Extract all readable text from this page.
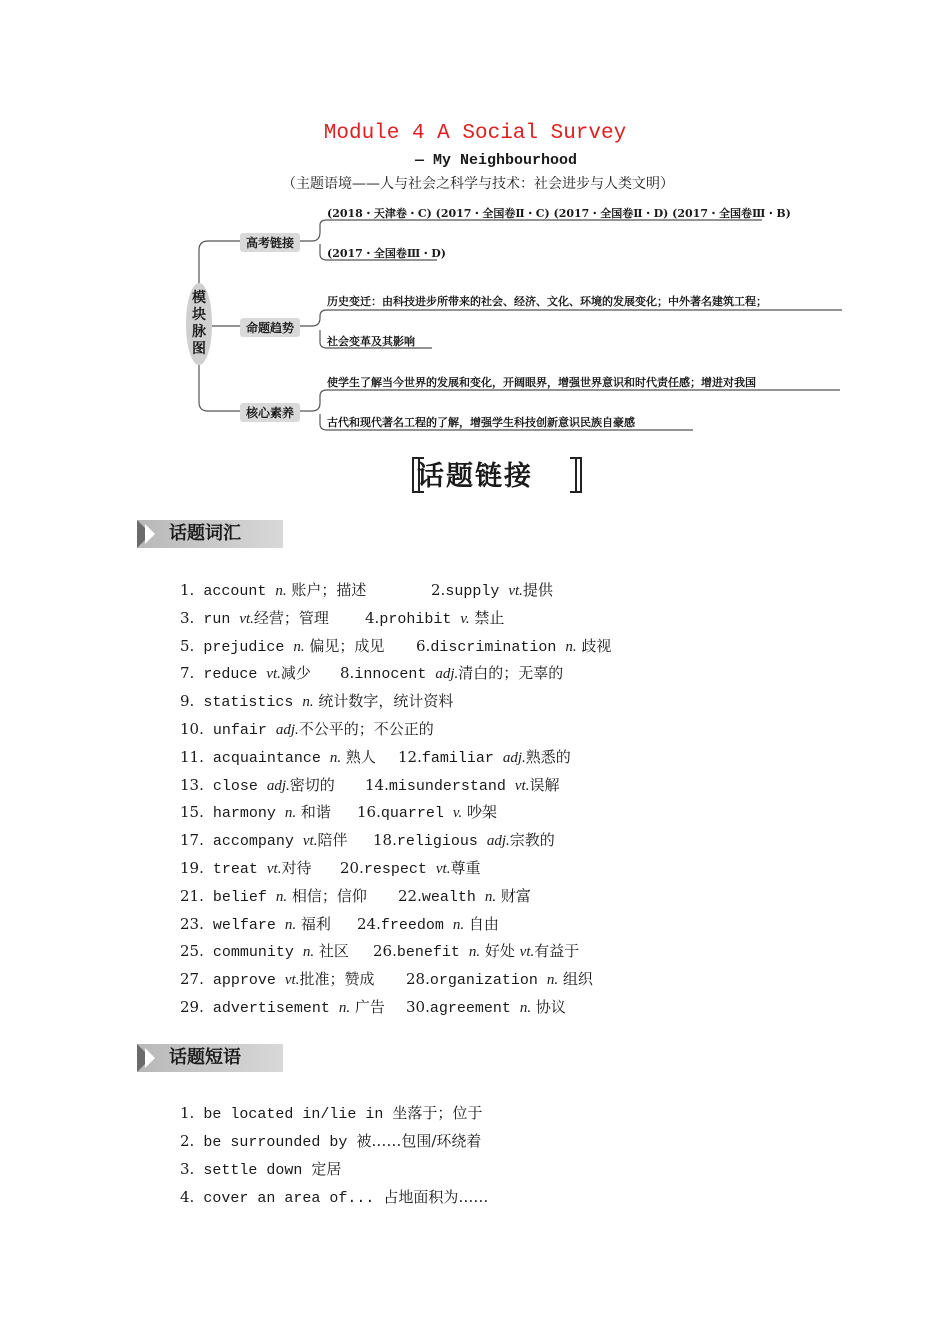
Module 4 A Social Survey
— My Neighbourhood
（主题语境——人与社会之科学与技术：社会进步与人类文明）
模块脉图
高考链接
(2018・天津卷・C) (2017・全国卷Ⅱ・C) (2017・全国卷Ⅱ・D) (2017・全国卷Ⅲ・B)
(2017・全国卷Ⅲ・D)
命题趋势
历史变迁：由科技进步所带来的社会、经济、文化、环境的发展变化；中外著名建筑工程；
社会变革及其影响
核心素养
使学生了解当今世界的发展和变化，开阔眼界，增强世界意识和时代责任感；增进对我国
古代和现代著名工程的了解，增强学生科技创新意识民族自豪感
话题链接
话题词汇
1. account n. 账户；描述	2.supply vt.提供
3. run vt.经营；管理 4.prohibit v. 禁止
5. prejudice n. 偏见；成见 6.discrimination n. 歧视
7. reduce vt.减少 8.innocent adj.清白的；无辜的
9. statistics n. 统计数字，统计资料
10. unfair adj.不公平的；不公正的
11. acquaintance n. 熟人 12.familiar adj.熟悉的
13. close adj.密切的 14.misunderstand vt.误解
15. harmony n. 和谐 16.quarrel v. 吵架
17. accompany vt.陪伴 18.religious adj.宗教的
19. treat vt.对待 20.respect vt.尊重
21. belief n. 相信；信仰 22.wealth n. 财富
23. welfare n. 福利 24.freedom n. 自由
25. community n. 社区 26.benefit n. 好处 vt.有益于
27. approve vt.批准；赞成 28.organization n. 组织
29. advertisement n. 广告 30.agreement n. 协议
话题短语
1. be located in/lie in 坐落于；位于
2. be surrounded by 被……包围/环绕着
3. settle down 定居
4. cover an area of... 占地面积为……
